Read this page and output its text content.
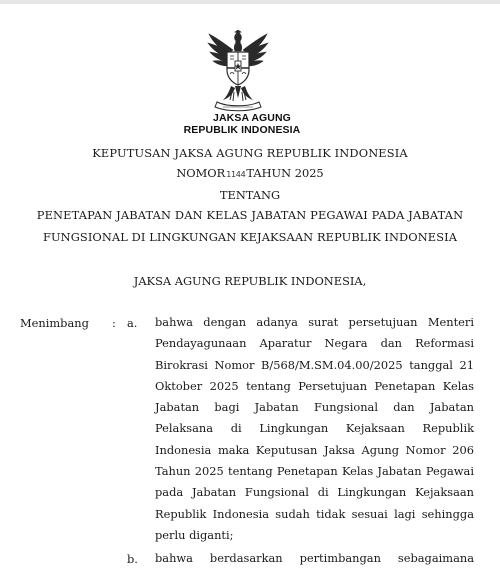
JAKSA AGUNG
REPUBLIK INDONESIA
KEPUTUSAN JAKSA AGUNG REPUBLIK INDONESIA
NOMOR1144TAHUN 2025
TENTANG
PENETAPAN JABATAN DAN KELAS JABATAN PEGAWAI PADA JABATAN
FUNGSIONAL DI LINGKUNGAN KEJAKSAAN REPUBLIK INDONESIA
JAKSA AGUNG REPUBLIK INDONESIA,
Menimbang : a. bahwa dengan adanya surat persetujuan Menteri
Pendayagunaan Aparatur Negara dan Reformasi
Birokrasi Nomor B/568/M.SM.04.00/2025 tanggal 21
Oktober 2025 tentang Persetujuan Penetapan Kelas
Jabatan bagi Jabatan Fungsional dan Jabatan
Pelaksana di Lingkungan Kejaksaan Republik
Indonesia maka Keputusan Jaksa Agung Nomor 206
Tahun 2025 tentang Penetapan Kelas Jabatan Pegawai
pada Jabatan Fungsional di Lingkungan Kejaksaan
Republik Indonesia sudah tidak sesuai lagi sehingga
perlu diganti;
b. bahwa berdasarkan pertimbangan sebagaimana
